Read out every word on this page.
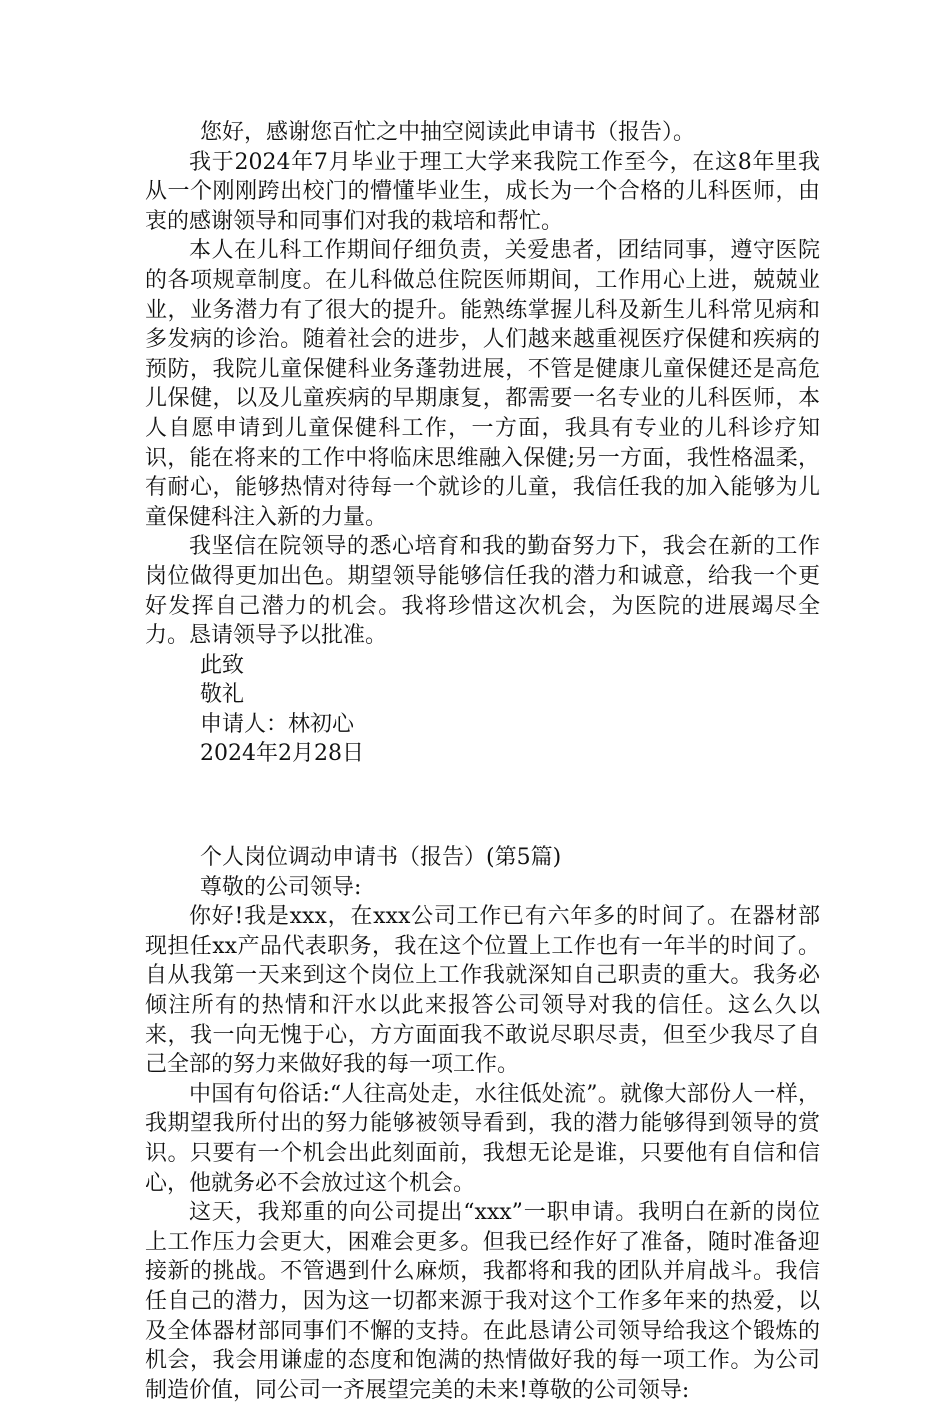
您好，感谢您百忙之中抽空阅读此申请书（报告）。

我于2024年7月毕业于理工大学来我院工作至今，在这8年里我从一个刚刚跨出校门的懵懂毕业生，成长为一个合格的儿科医师，由衷的感谢领导和同事们对我的栽培和帮忙。

本人在儿科工作期间仔细负责，关爱患者，团结同事，遵守医院的各项规章制度。在儿科做总住院医师期间，工作用心上进，兢兢业业，业务潜力有了很大的提升。能熟练掌握儿科及新生儿科常见病和多发病的诊治。随着社会的进步，人们越来越重视医疗保健和疾病的预防，我院儿童保健科业务蓬勃进展，不管是健康儿童保健还是高危儿保健，以及儿童疾病的早期康复，都需要一名专业的儿科医师，本人自愿申请到儿童保健科工作，一方面，我具有专业的儿科诊疗知识，能在将来的工作中将临床思维融入保健;另一方面，我性格温柔，有耐心，能够热情对待每一个就诊的儿童，我信任我的加入能够为儿童保健科注入新的力量。

我坚信在院领导的悉心培育和我的勤奋努力下，我会在新的工作岗位做得更加出色。期望领导能够信任我的潜力和诚意，给我一个更好发挥自己潜力的机会。我将珍惜这次机会，为医院的进展竭尽全力。恳请领导予以批准。

此致
敬礼
申请人：林初心
2024年2月28日
个人岗位调动申请书（报告）(第5篇)
尊敬的公司领导:

你好!我是xxx，在xxx公司工作已有六年多的时间了。在器材部现担任xx产品代表职务，我在这个位置上工作也有一年半的时间了。自从我第一天来到这个岗位上工作我就深知自己职责的重大。我务必倾注所有的热情和汗水以此来报答公司领导对我的信任。这么久以来，我一向无愧于心，方方面面我不敢说尽职尽责，但至少我尽了自己全部的努力来做好我的每一项工作。

中国有句俗话:“人往高处走，水往低处流”。就像大部份人一样，我期望我所付出的努力能够被领导看到，我的潜力能够得到领导的赏识。只要有一个机会出此刻面前，我想无论是谁，只要他有自信和信心，他就务必不会放过这个机会。

这天，我郑重的向公司提出“xxx”一职申请。我明白在新的岗位上工作压力会更大，困难会更多。但我已经作好了准备，随时准备迎接新的挑战。不管遇到什么麻烦，我都将和我的团队并肩战斗。我信任自己的潜力，因为这一切都来源于我对这个工作多年来的热爱，以及全体器材部同事们不懈的支持。在此恳请公司领导给我这个锻炼的机会，我会用谦虚的态度和饱满的热情做好我的每一项工作。为公司制造价值，同公司一齐展望完美的未来!尊敬的公司领导:
